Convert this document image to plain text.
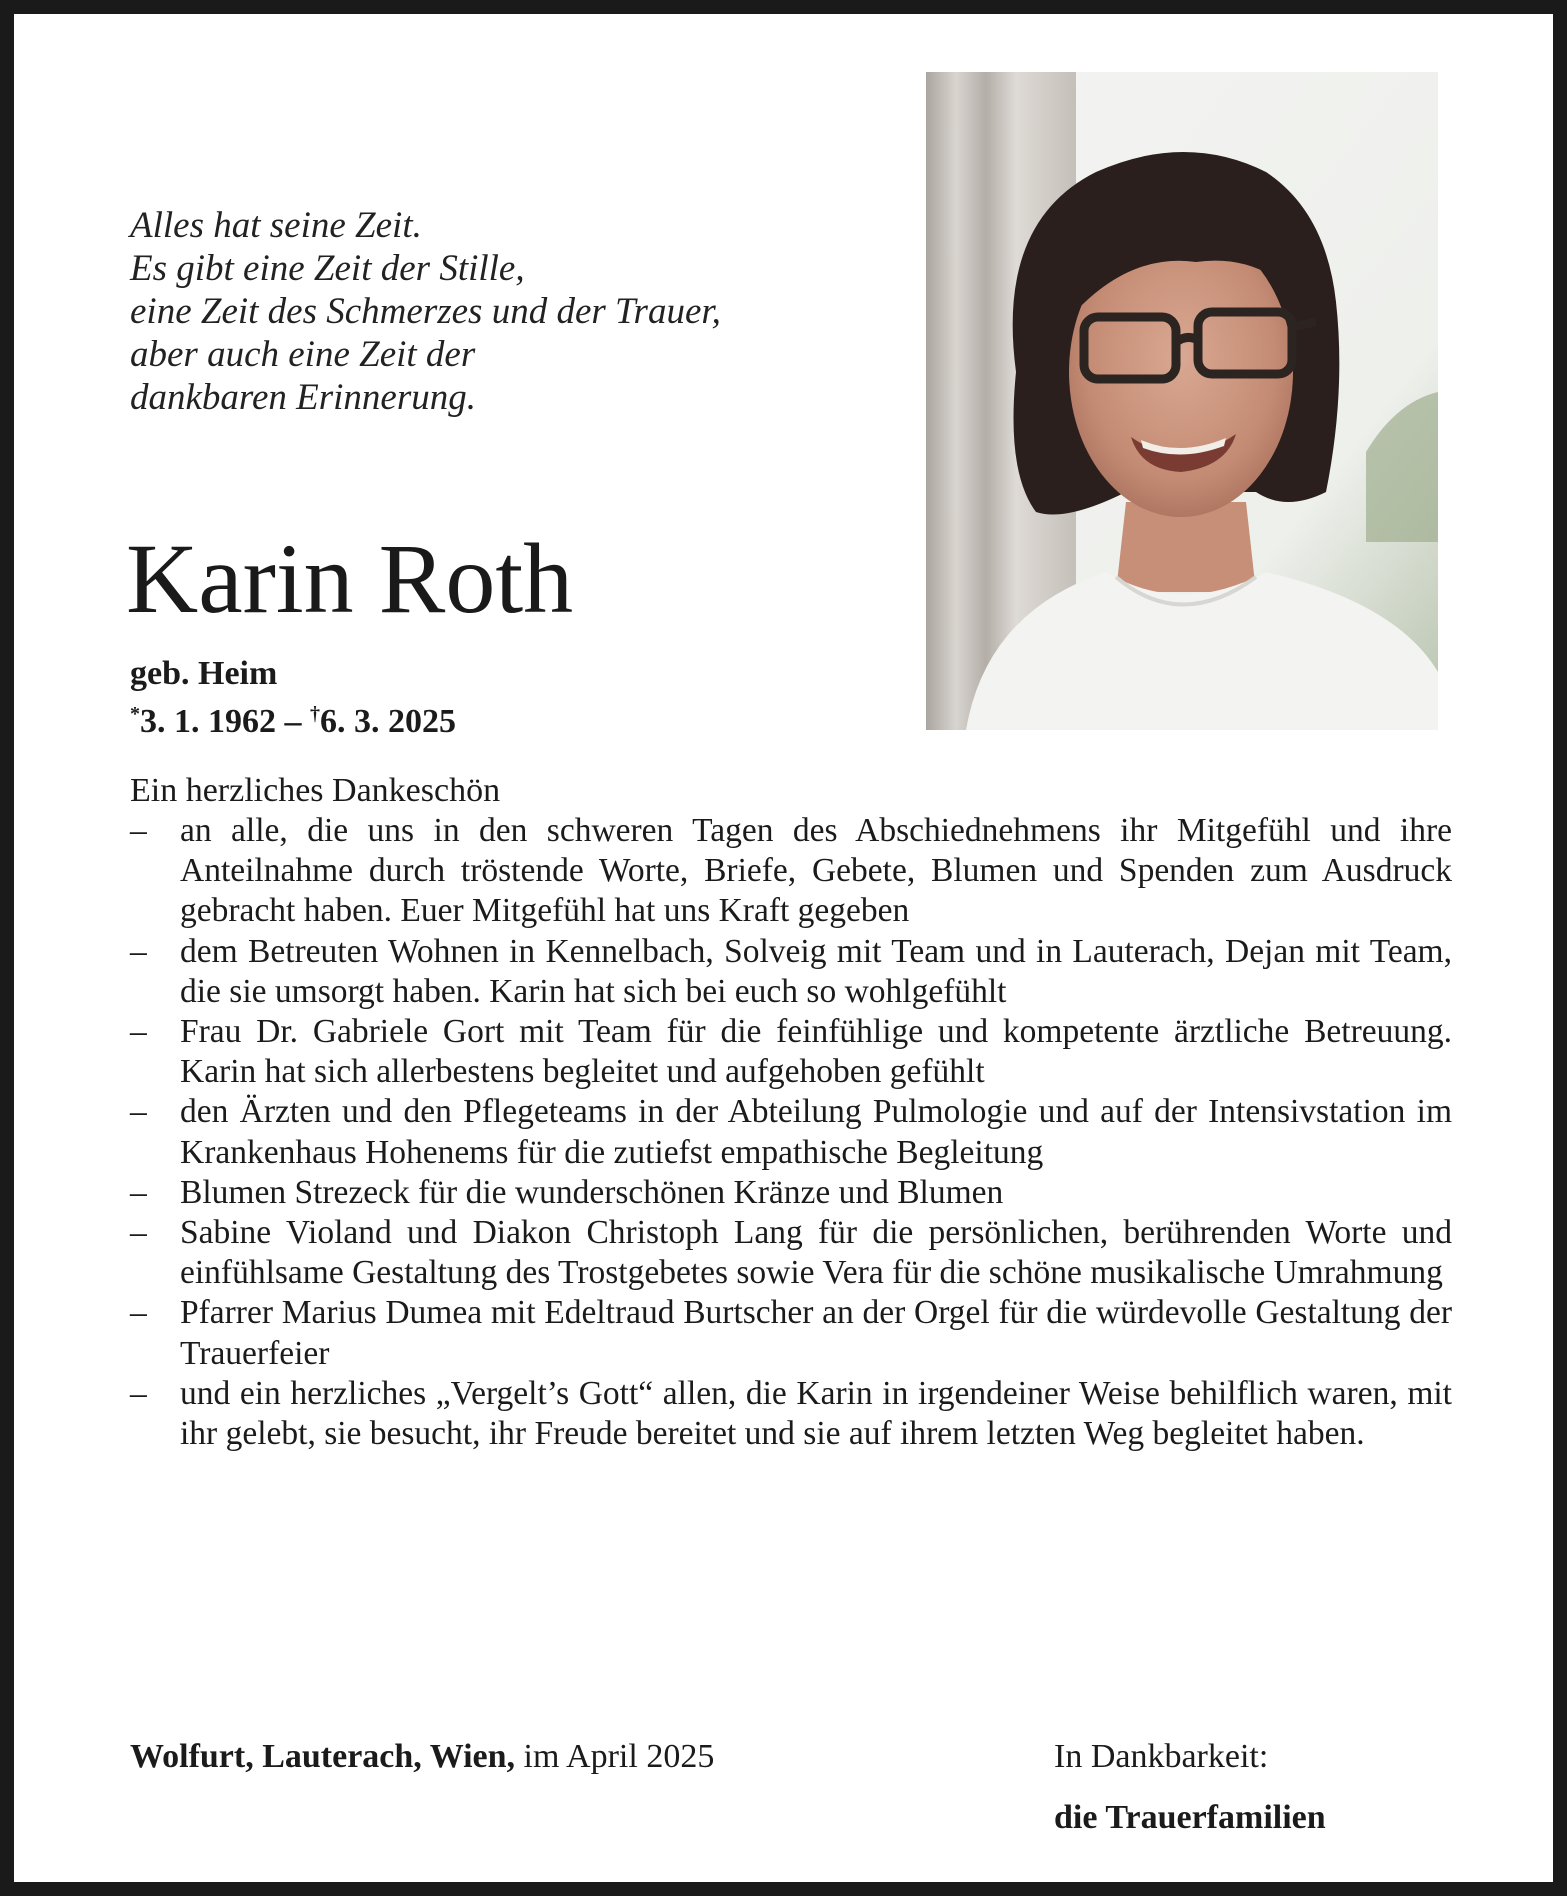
Alles hat seine Zeit.
Es gibt eine Zeit der Stille,
eine Zeit des Schmerzes und der Trauer,
aber auch eine Zeit der
dankbaren Erinnerung.
Karin Roth
geb. Heim
*3. 1. 1962 – †6. 3. 2025
Ein herzliches Dankeschön
– an alle, die uns in den schweren Tagen des Abschiednehmens ihr Mitgefühl und ihre Anteilnahme durch tröstende Worte, Briefe, Gebete, Blumen und Spenden zum Ausdruck gebracht haben. Euer Mitgefühl hat uns Kraft gegeben
– dem Betreuten Wohnen in Kennelbach, Solveig mit Team und in Lauterach, Dejan mit Team, die sie umsorgt haben. Karin hat sich bei euch so wohlgefühlt
– Frau Dr. Gabriele Gort mit Team für die feinfühlige und kompetente ärztliche Betreuung. Karin hat sich allerbestens begleitet und aufgehoben gefühlt
– den Ärzten und den Pflegeteams in der Abteilung Pulmologie und auf der Intensivstation im Krankenhaus Hohenems für die zutiefst empathische Begleitung
– Blumen Strezeck für die wunderschönen Kränze und Blumen
– Sabine Violand und Diakon Christoph Lang für die persönlichen, berührenden Worte und einfühlsame Gestaltung des Trostgebetes sowie Vera für die schöne musikalische Umrahmung
– Pfarrer Marius Dumea mit Edeltraud Burtscher an der Orgel für die würdevolle Gestaltung der Trauerfeier
– und ein herzliches „Vergelt’s Gott“ allen, die Karin in irgendeiner Weise behilflich waren, mit ihr gelebt, sie besucht, ihr Freude bereitet und sie auf ihrem letzten Weg begleitet haben.
Wolfurt, Lauterach, Wien, im April 2025	In Dankbarkeit:
die Trauerfamilien
